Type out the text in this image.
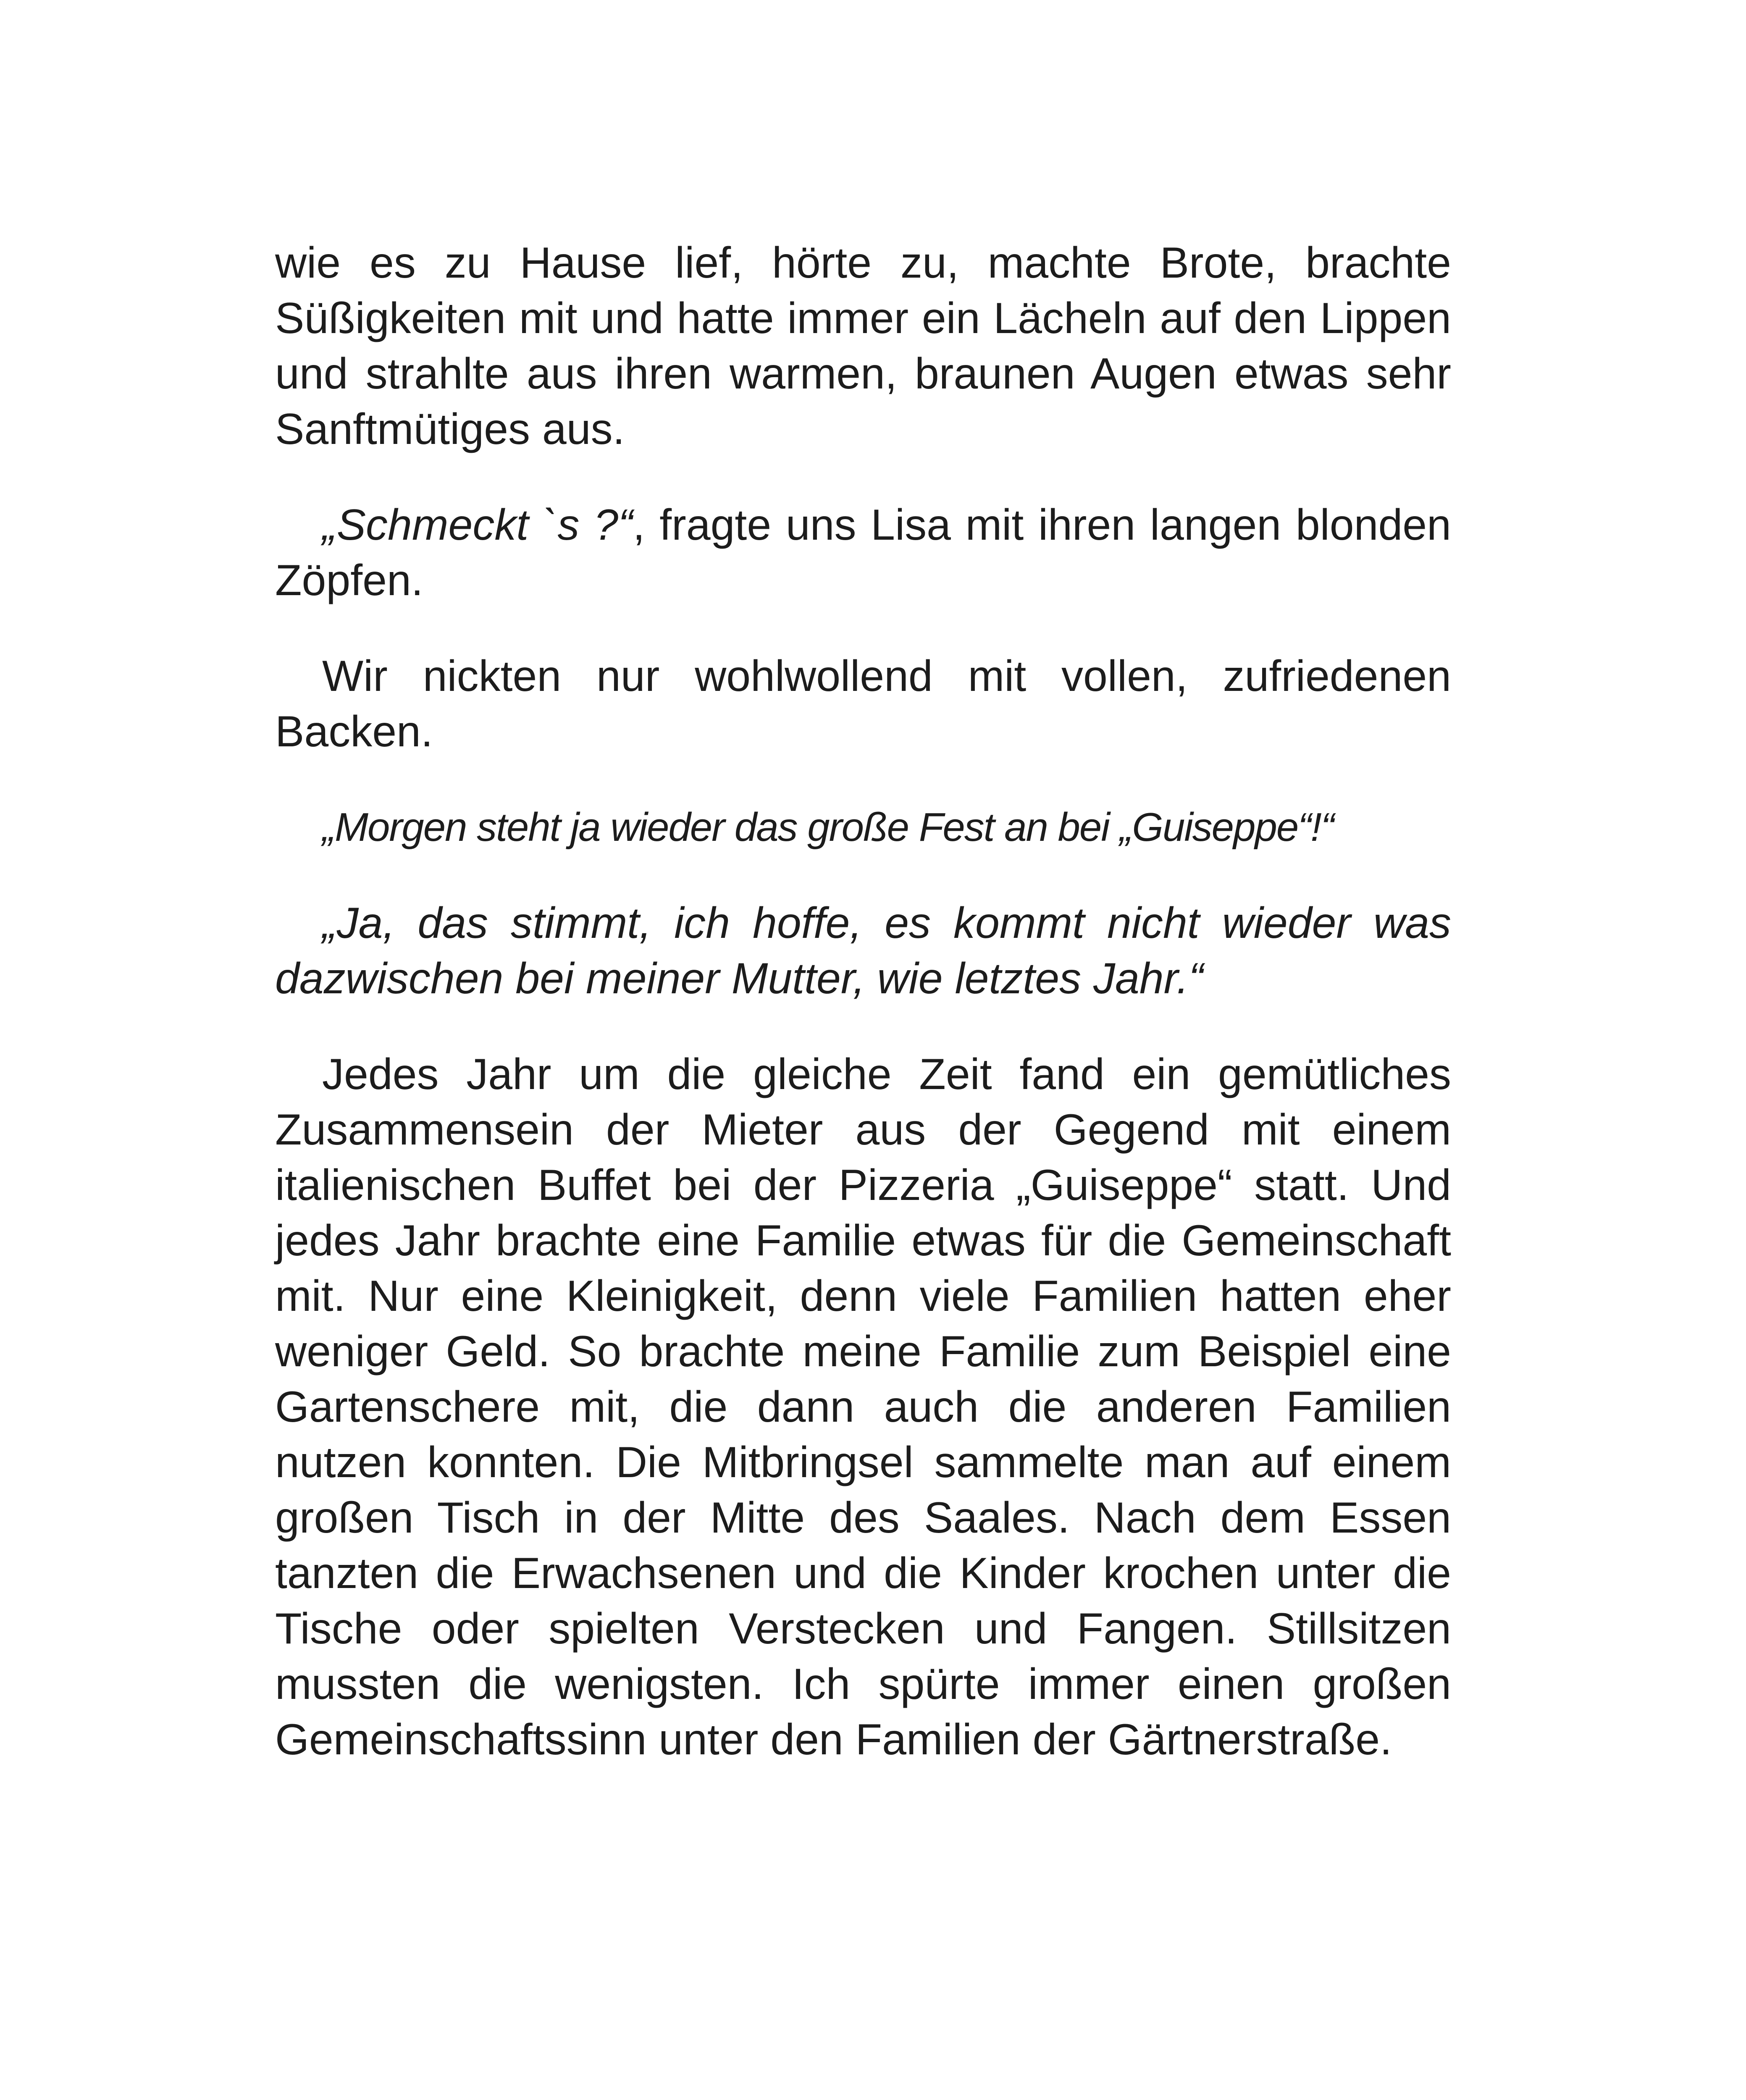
wie es zu Hause lief, hörte zu, machte Brote, brachte Süßigkeiten mit und hatte immer ein Lächeln auf den Lippen und strahlte aus ihren warmen, braunen Augen etwas sehr Sanftmütiges aus.

„Schmeckt `s ?“, fragte uns Lisa mit ihren langen blonden Zöpfen.

Wir nickten nur wohlwollend mit vollen, zufriedenen Backen.

„Morgen steht ja wieder das große Fest an bei „Guiseppe“!“

„Ja, das stimmt, ich hoffe, es kommt nicht wieder was dazwischen bei meiner Mutter, wie letztes Jahr.“

Jedes Jahr um die gleiche Zeit fand ein gemütliches Zusammensein der Mieter aus der Gegend mit einem italienischen Buffet bei der Pizzeria „Guiseppe“ statt. Und jedes Jahr brachte eine Familie etwas für die Gemeinschaft mit. Nur eine Kleinigkeit, denn viele Familien hatten eher weniger Geld. So brachte meine Familie zum Beispiel eine Gartenschere mit, die dann auch die anderen Familien nutzen konnten. Die Mitbringsel sammelte man auf einem großen Tisch in der Mitte des Saales. Nach dem Essen tanzten die Erwachsenen und die Kinder krochen unter die Tische oder spielten Verstecken und Fangen. Stillsitzen mussten die wenigsten. Ich spürte immer einen großen Gemeinschaftssinn unter den Familien der Gärtnerstraße.
